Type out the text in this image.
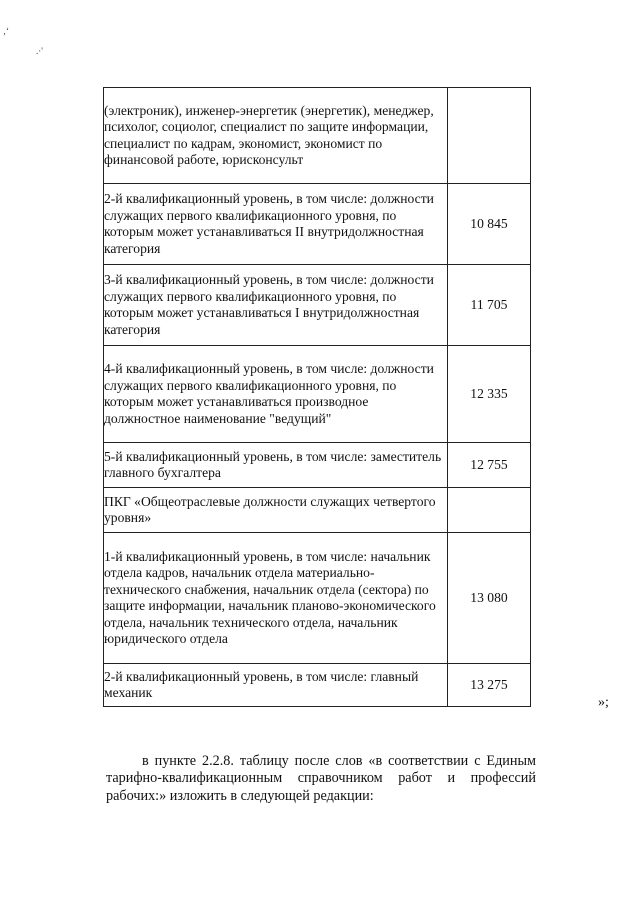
‚‘
.·'
(электроник), инженер-энергетик (энергетик), менеджер, психолог, социолог, специалист по защите информации, специалист по кадрам, экономист, экономист по финансовой работе, юрисконсульт	
2-й квалификационный уровень, в том числе: должности служащих первого квалификационного уровня, по которым может устанавливаться II внутридолжностная категория	10 845
3-й квалификационный уровень, в том числе: должности служащих первого квалификационного уровня, по которым может устанавливаться I внутридолжностная категория	11 705
4-й квалификационный уровень, в том числе: должности служащих первого квалификационного уровня, по которым может устанавливаться производное должностное наименование "ведущий"	12 335
5-й квалификационный уровень, в том числе: заместитель главного бухгалтера	12 755
ПКГ «Общеотраслевые должности служащих четвертого уровня»	
1-й квалификационный уровень, в том числе: начальник отдела кадров, начальник отдела материально-технического снабжения, начальник отдела (сектора) по защите информации, начальник планово-экономического отдела, начальник технического отдела, начальник юридического отдела	13 080
2-й квалификационный уровень, в том числе: главный механик	13 275
»;

в пункте 2.2.8. таблицу после слов «в соответствии с Единым тарифно-квалификационным справочником работ и профессий рабочих:» изложить в следующей редакции:
